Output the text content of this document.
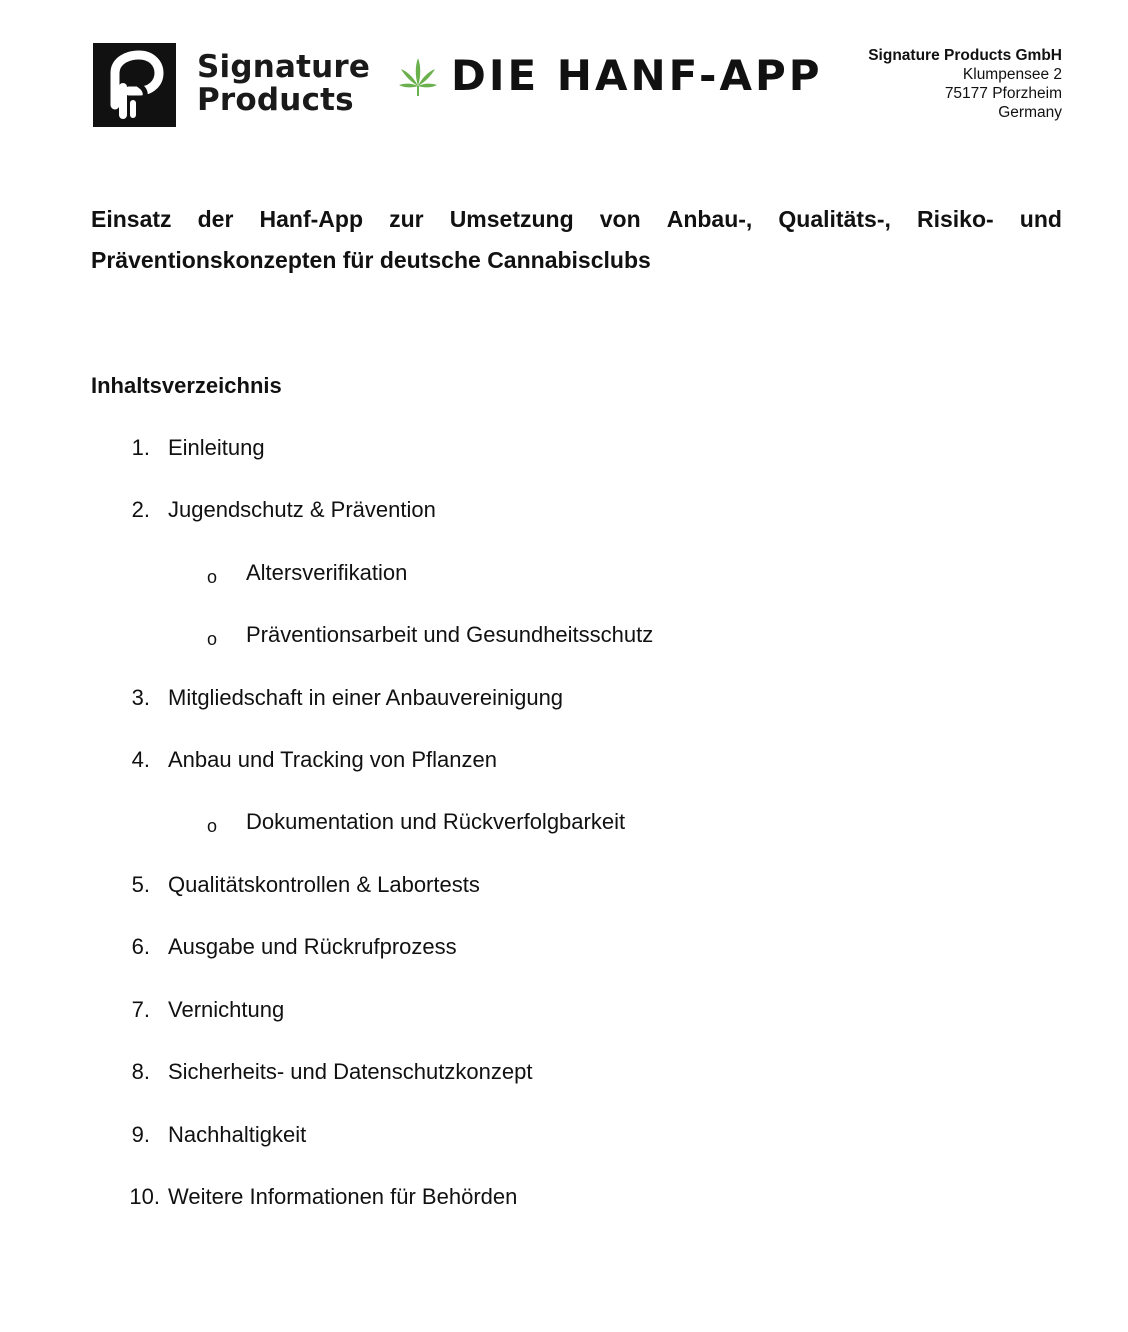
Signature
Products	DIE HANF-APP	Signature Products GmbH
Klumpensee 2
75177 Pforzheim
Germany
Einsatz der Hanf-App zur Umsetzung von Anbau-, Qualitäts-, Risiko- und
Präventionskonzepten für deutsche Cannabisclubs
Inhaltsverzeichnis
1. Einleitung
2. Jugendschutz & Prävention
o Altersverifikation
o Präventionsarbeit und Gesundheitsschutz
3. Mitgliedschaft in einer Anbauvereinigung
4. Anbau und Tracking von Pflanzen
o Dokumentation und Rückverfolgbarkeit
5. Qualitätskontrollen & Labortests
6. Ausgabe und Rückrufprozess
7. Vernichtung
8. Sicherheits- und Datenschutzkonzept
9. Nachhaltigkeit
10. Weitere Informationen für Behörden
